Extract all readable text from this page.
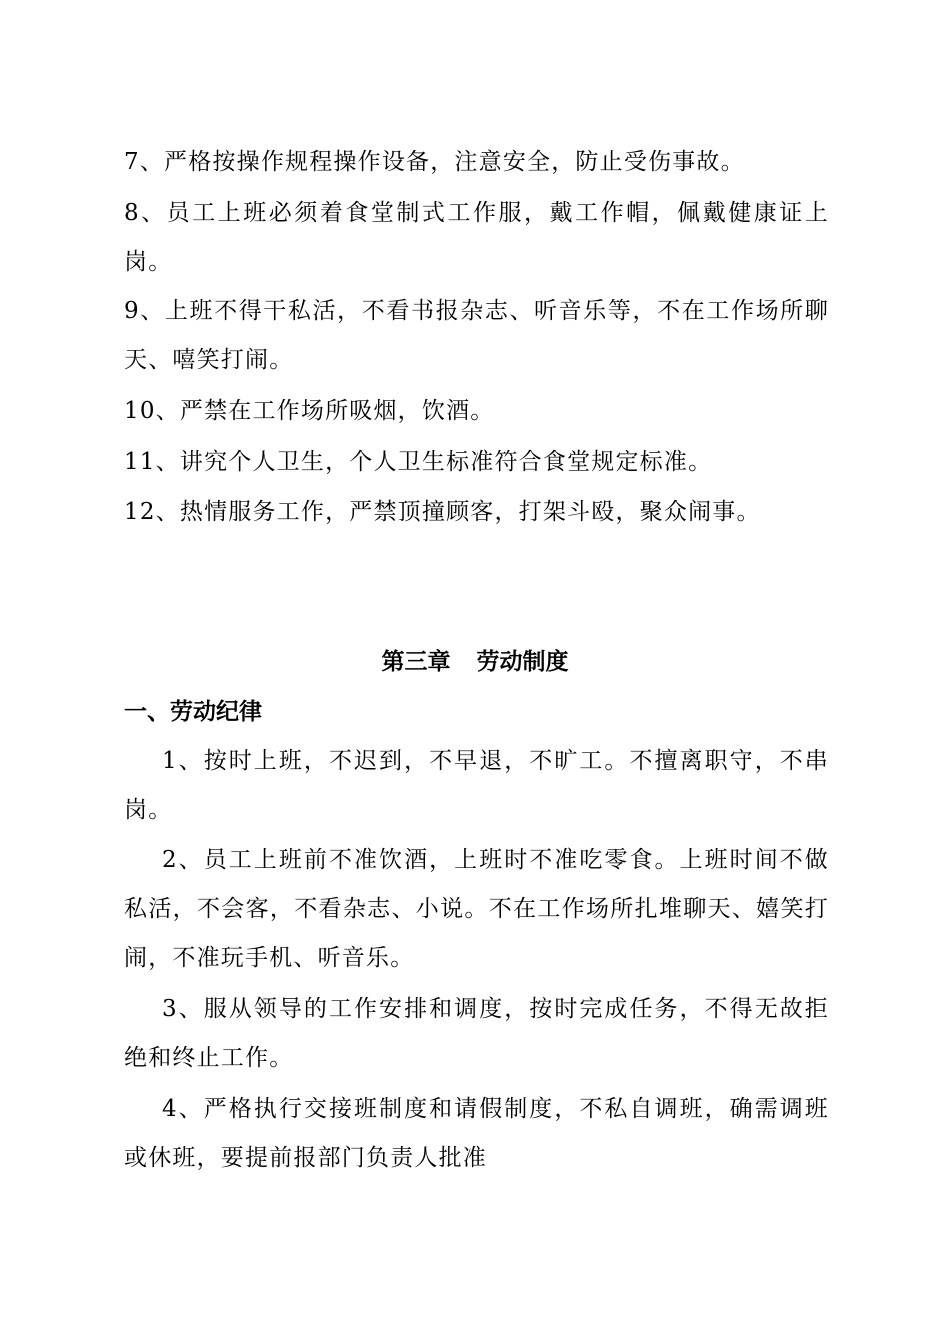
7、严格按操作规程操作设备，注意安全，防止受伤事故。

8、员工上班必须着食堂制式工作服，戴工作帽，佩戴健康证上岗。

9、上班不得干私活，不看书报杂志、听音乐等，不在工作场所聊天、嘻笑打闹。

10、严禁在工作场所吸烟，饮酒。

11、讲究个人卫生，个人卫生标准符合食堂规定标准。

12、热情服务工作，严禁顶撞顾客，打架斗殴，聚众闹事。

第三章 劳动制度
一、劳动纪律

1、按时上班，不迟到，不早退，不旷工。不擅离职守，不串岗。

2、员工上班前不准饮酒，上班时不准吃零食。上班时间不做私活，不会客，不看杂志、小说。不在工作场所扎堆聊天、嬉笑打闹，不准玩手机、听音乐。

3、服从领导的工作安排和调度，按时完成任务，不得无故拒绝和终止工作。

4、严格执行交接班制度和请假制度，不私自调班，确需调班或休班，要提前报部门负责人批准
